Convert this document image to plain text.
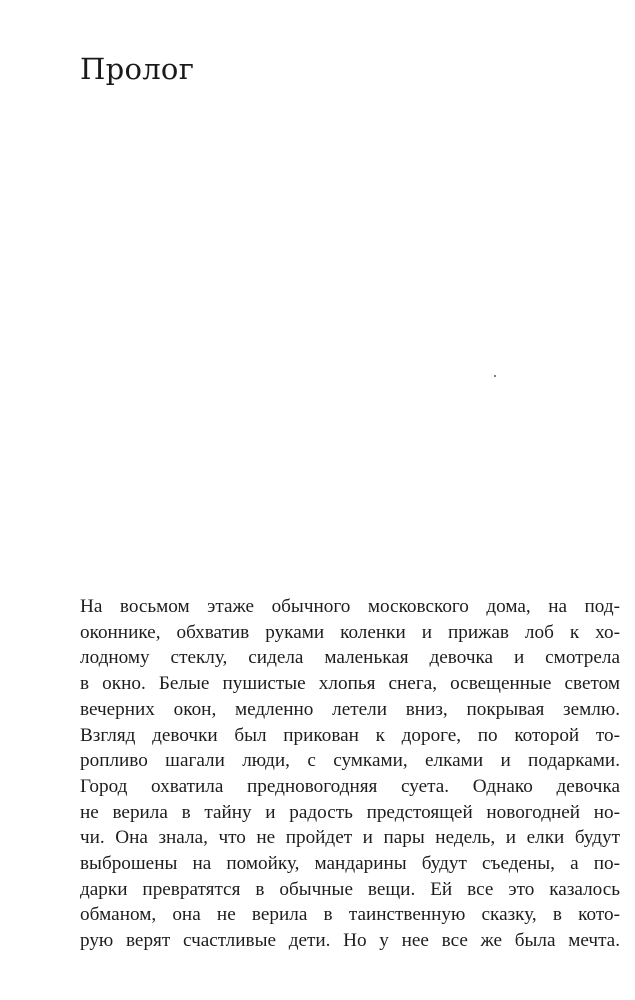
Пролог
На восьмом этаже обычного московского дома, на под-
оконнике, обхватив руками коленки и прижав лоб к хо-
лодному стеклу, сидела маленькая девочка и смотрела
в окно. Белые пушистые хлопья снега, освещенные светом
вечерних окон, медленно летели вниз, покрывая землю.
Взгляд девочки был прикован к дороге, по которой то-
ропливо шагали люди, с сумками, елками и подарками.
Город охватила предновогодняя суета. Однако девочка
не верила в тайну и радость предстоящей новогодней но-
чи. Она знала, что не пройдет и пары недель, и елки будут
выброшены на помойку, мандарины будут съедены, а по-
дарки превратятся в обычные вещи. Ей все это казалось
обманом, она не верила в таинственную сказку, в кото-
рую верят счастливые дети. Но у нее все же была мечта.
